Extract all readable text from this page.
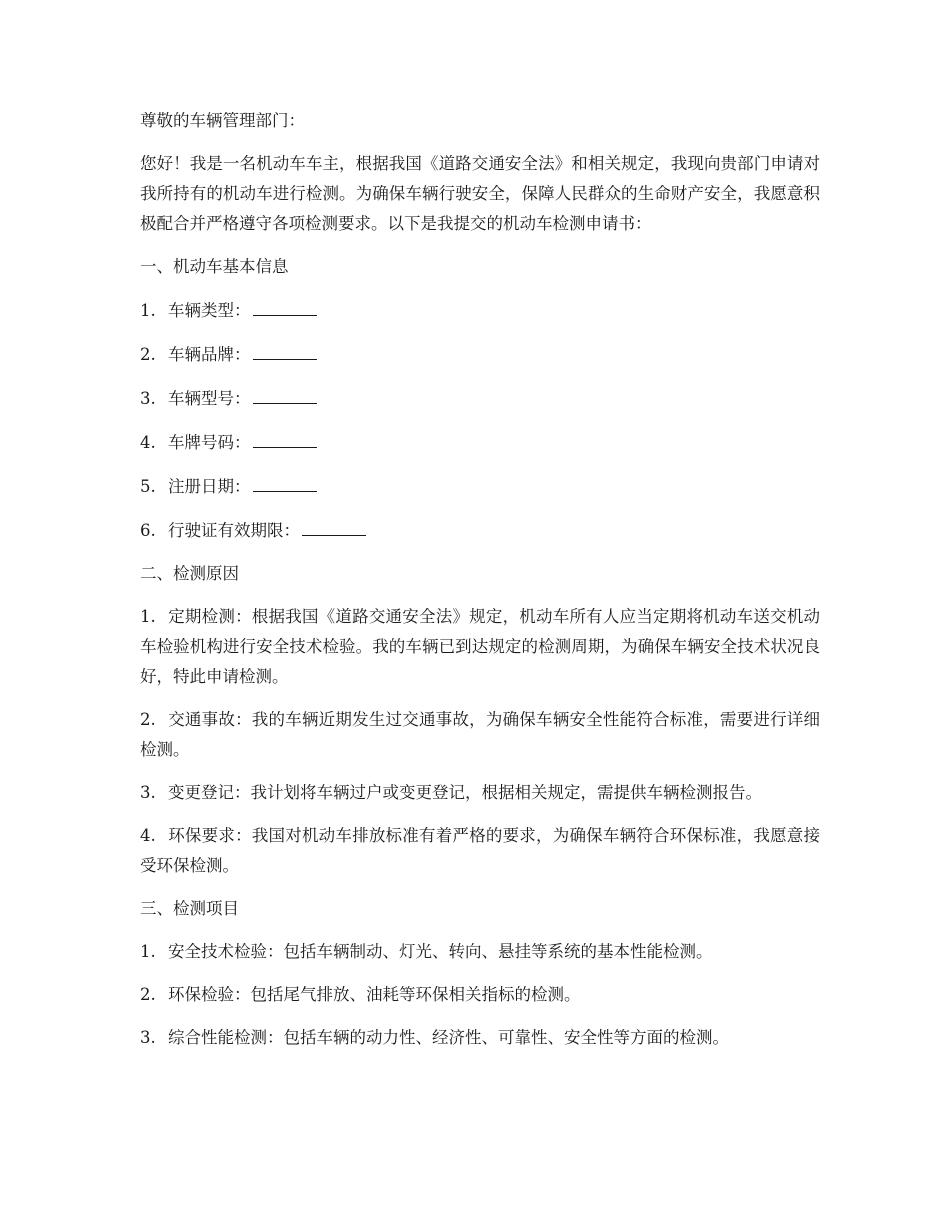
尊敬的车辆管理部门：

您好！我是一名机动车车主，根据我国《道路交通安全法》和相关规定，我现向贵部门申请对我所持有的机动车进行检测。为确保车辆行驶安全，保障人民群众的生命财产安全，我愿意积极配合并严格遵守各项检测要求。以下是我提交的机动车检测申请书：

一、机动车基本信息

1. 车辆类型：

2. 车辆品牌：

3. 车辆型号：

4. 车牌号码：

5. 注册日期：

6. 行驶证有效期限：

二、检测原因

1. 定期检测：根据我国《道路交通安全法》规定，机动车所有人应当定期将机动车送交机动车检验机构进行安全技术检验。我的车辆已到达规定的检测周期，为确保车辆安全技术状况良好，特此申请检测。

2. 交通事故：我的车辆近期发生过交通事故，为确保车辆安全性能符合标准，需要进行详细检测。

3. 变更登记：我计划将车辆过户或变更登记，根据相关规定，需提供车辆检测报告。

4. 环保要求：我国对机动车排放标准有着严格的要求，为确保车辆符合环保标准，我愿意接受环保检测。

三、检测项目

1. 安全技术检验：包括车辆制动、灯光、转向、悬挂等系统的基本性能检测。

2. 环保检验：包括尾气排放、油耗等环保相关指标的检测。

3. 综合性能检测：包括车辆的动力性、经济性、可靠性、安全性等方面的检测。
